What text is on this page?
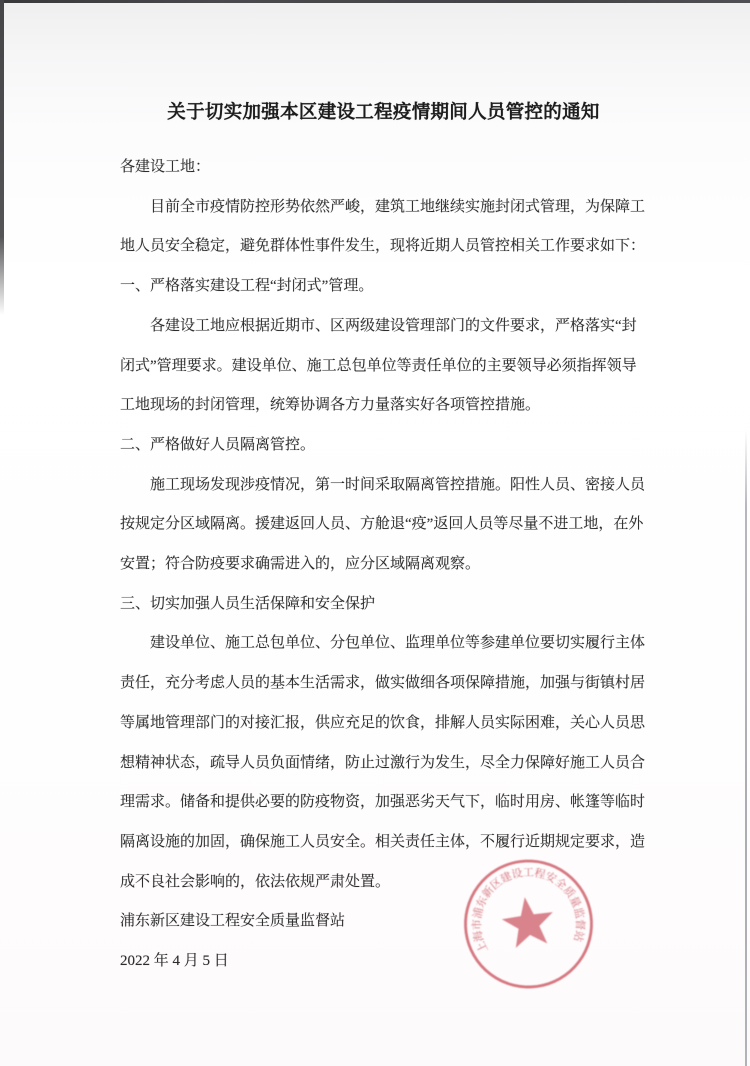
上海市浦东新区建设工程安全质量监督站
关于切实加强本区建设工程疫情期间人员管控的通知

各建设工地：

目前全市疫情防控形势依然严峻，建筑工地继续实施封闭式管理，为保障工地人员安全稳定，避免群体性事件发生，现将近期人员管控相关工作要求如下：

一、严格落实建设工程“封闭式”管理。

各建设工地应根据近期市、区两级建设管理部门的文件要求，严格落实“封闭式”管理要求。建设单位、施工总包单位等责任单位的主要领导必须指挥领导工地现场的封闭管理，统筹协调各方力量落实好各项管控措施。

二、严格做好人员隔离管控。

施工现场发现涉疫情况，第一时间采取隔离管控措施。阳性人员、密接人员按规定分区域隔离。援建返回人员、方舱退“疫”返回人员等尽量不进工地，在外安置；符合防疫要求确需进入的，应分区域隔离观察。

三、切实加强人员生活保障和安全保护

建设单位、施工总包单位、分包单位、监理单位等参建单位要切实履行主体责任，充分考虑人员的基本生活需求，做实做细各项保障措施，加强与街镇村居等属地管理部门的对接汇报，供应充足的饮食，排解人员实际困难，关心人员思想精神状态，疏导人员负面情绪，防止过激行为发生，尽全力保障好施工人员合理需求。储备和提供必要的防疫物资，加强恶劣天气下，临时用房、帐篷等临时隔离设施的加固，确保施工人员安全。相关责任主体，不履行近期规定要求，造成不良社会影响的，依法依规严肃处置。

浦东新区建设工程安全质量监督站

2022 年 4 月 5 日
